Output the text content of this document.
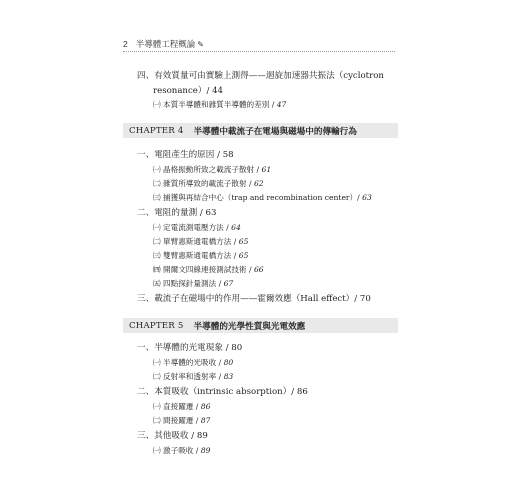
2 半導體工程概論 ✎
四、有效質量可由實驗上測得——迴旋加速器共振法（cyclotron
resonance）/ 44
㈠ 本質半導體和雜質半導體的差別 / 47
CHAPTER 4 半導體中載流子在電場與磁場中的傳輸行為
一、電阻產生的原因 / 58
㈠ 晶格振動所致之載流子散射 / 61
㈡ 雜質所導致的載流子散射 / 62
㈢ 捕獲與再結合中心（trap and recombination center）/ 63
二、電阻的量測 / 63
㈠ 定電流測電壓方法 / 64
㈡ 單臂惠斯通電橋方法 / 65
㈢ 雙臂惠斯通電橋方法 / 65
㈣ 開爾文四線連接測試技術 / 66
㈤ 四點探針量測法 / 67
三、載流子在磁場中的作用——霍爾效應（Hall effect）/ 70
CHAPTER 5 半導體的光學性質與光電效應
一、半導體的光電現象 / 80
㈠ 半導體的光吸收 / 80
㈡ 反射率和透射率 / 83
二、本質吸收（intrinsic absorption）/ 86
㈠ 直接躍遷 / 86
㈡ 間接躍遷 / 87
三、其他吸收 / 89
㈠ 激子吸收 / 89
